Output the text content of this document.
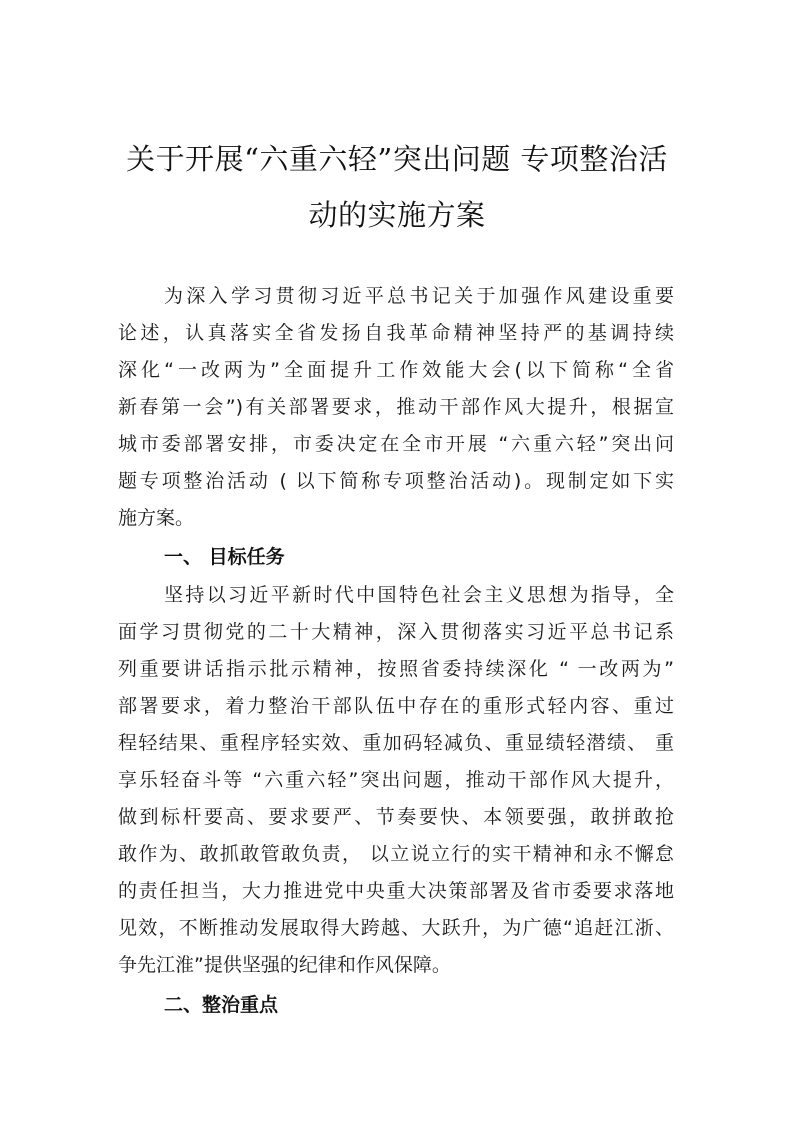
关于开展“六重六轻”突出问题 专项整治活
动的实施方案
为深入学习贯彻习近平总书记关于加强作风建设重要
论述，认真落实全省发扬自我革命精神坚持严的基调持续
深化“一改两为”全面提升工作效能大会(以下简称“全省
新春第一会”)有关部署要求，推动干部作风大提升，根据宣
城市委部署安排，市委决定在全市开展 “六重六轻”突出问
题专项整治活动 ( 以下简称专项整治活动)。现制定如下实
施方案。
一、 目标任务
坚持以习近平新时代中国特色社会主义思想为指导，全
面学习贯彻党的二十大精神，深入贯彻落实习近平总书记系
列重要讲话指示批示精神，按照省委持续深化 “ 一改两为”
部署要求，着力整治干部队伍中存在的重形式轻内容、重过
程轻结果、重程序轻实效、重加码轻减负、重显绩轻潜绩、 重
享乐轻奋斗等 “六重六轻”突出问题，推动干部作风大提升，
做到标杆要高、要求要严、节奏要快、本领要强，敢拼敢抢
敢作为、敢抓敢管敢负责， 以立说立行的实干精神和永不懈怠
的责任担当，大力推进党中央重大决策部署及省市委要求落地
见效，不断推动发展取得大跨越、大跃升，为广德“追赶江浙、
争先江淮”提供坚强的纪律和作风保障。
二、整治重点
